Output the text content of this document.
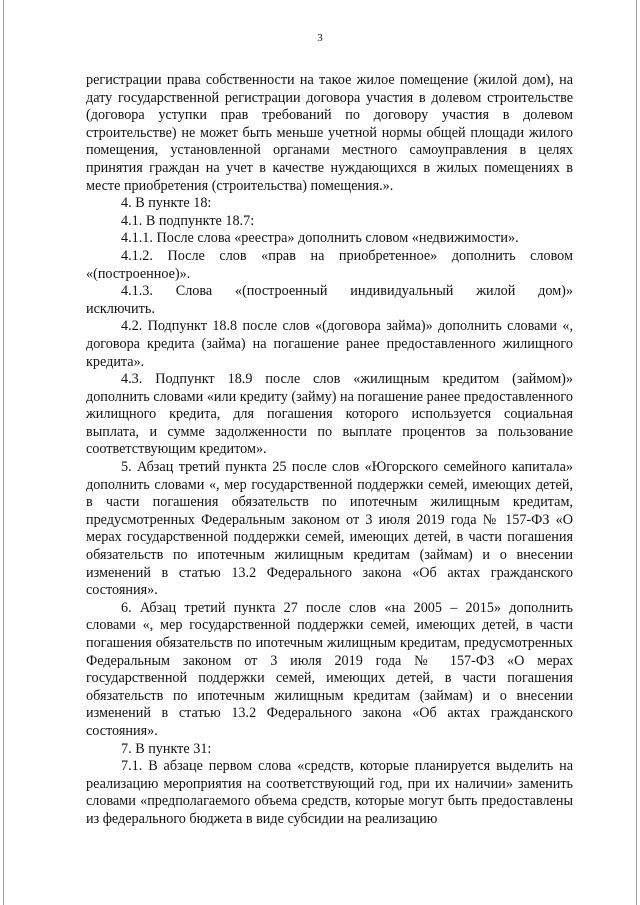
3

регистрации права собственности на такое жилое помещение (жилой дом), на дату государственной регистрации договора участия в долевом строительстве (договора уступки прав требований по договору участия в долевом строительстве) не может быть меньше учетной нормы общей площади жилого помещения, установленной органами местного самоуправления в целях принятия граждан на учет в качестве нуждающихся в жилых помещениях в месте приобретения (строительства) помещения.».

4. В пункте 18:

4.1. В подпункте 18.7:

4.1.1. После слова «реестра» дополнить словом «недвижимости».

4.1.2. После слов «прав на приобретенное» дополнить словом «(построенное)».

4.1.3. Слова «(построенный индивидуальный жилой дом)»

исключить.

4.2. Подпункт 18.8 после слов «(договора займа)» дополнить словами «, договора кредита (займа) на погашение ранее предоставленного жилищного кредита».

4.3. Подпункт 18.9 после слов «жилищным кредитом (займом)» дополнить словами «или кредиту (займу) на погашение ранее предоставленного жилищного кредита, для погашения которого используется социальная выплата, и сумме задолженности по выплате процентов за пользование соответствующим кредитом».

5. Абзац третий пункта 25 после слов «Югорского семейного капитала» дополнить словами «, мер государственной поддержки семей, имеющих детей, в части погашения обязательств по ипотечным жилищным кредитам, предусмотренных Федеральным законом от 3 июля 2019 года № 157-ФЗ «О мерах государственной поддержки семей, имеющих детей, в части погашения обязательств по ипотечным жилищным кредитам (займам) и о внесении изменений в статью 13.2 Федерального закона «Об актах гражданского состояния».

6. Абзац третий пункта 27 после слов «на 2005 – 2015» дополнить словами «, мер государственной поддержки семей, имеющих детей, в части погашения обязательств по ипотечным жилищным кредитам, предусмотренных Федеральным законом от 3 июля 2019 года № 157-ФЗ «О мерах государственной поддержки семей, имеющих детей, в части погашения обязательств по ипотечным жилищным кредитам (займам) и о внесении изменений в статью 13.2 Федерального закона «Об актах гражданского состояния».

7. В пункте 31:

7.1. В абзаце первом слова «средств, которые планируется выделить на реализацию мероприятия на соответствующий год, при их наличии» заменить словами «предполагаемого объема средств, которые могут быть предоставлены из федерального бюджета в виде субсидии на реализацию
